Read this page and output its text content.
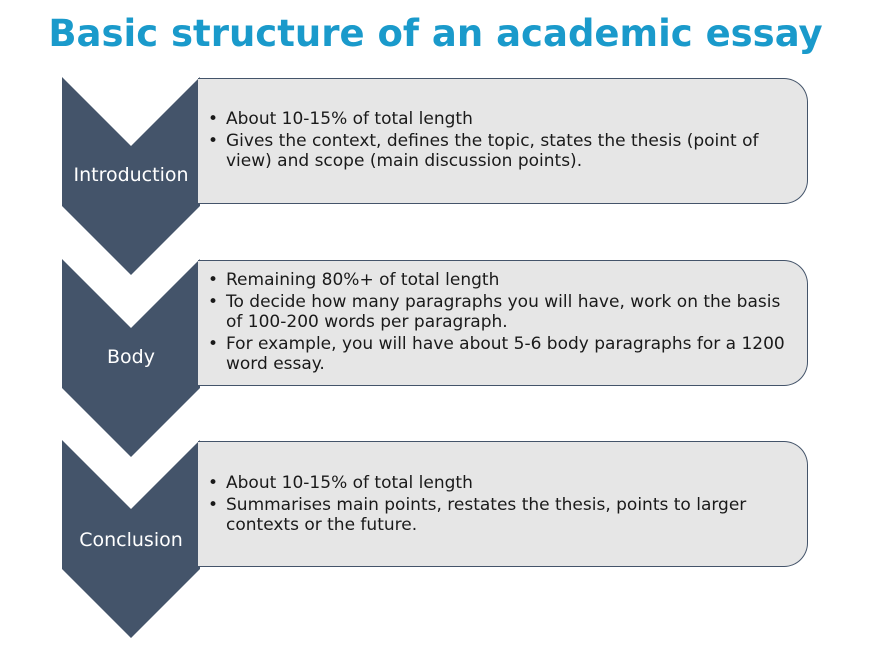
Basic structure of an academic essay
Introduction
• About 10-15% of total length
• Gives the context, defines the topic, states the thesis (point of view) and scope (main discussion points).
Body
• Remaining 80%+ of total length
• To decide how many paragraphs you will have, work on the basis of 100-200 words per paragraph.
• For example, you will have about 5-6 body paragraphs for a 1200 word essay.
Conclusion
• About 10-15% of total length
• Summarises main points, restates the thesis, points to larger contexts or the future.
